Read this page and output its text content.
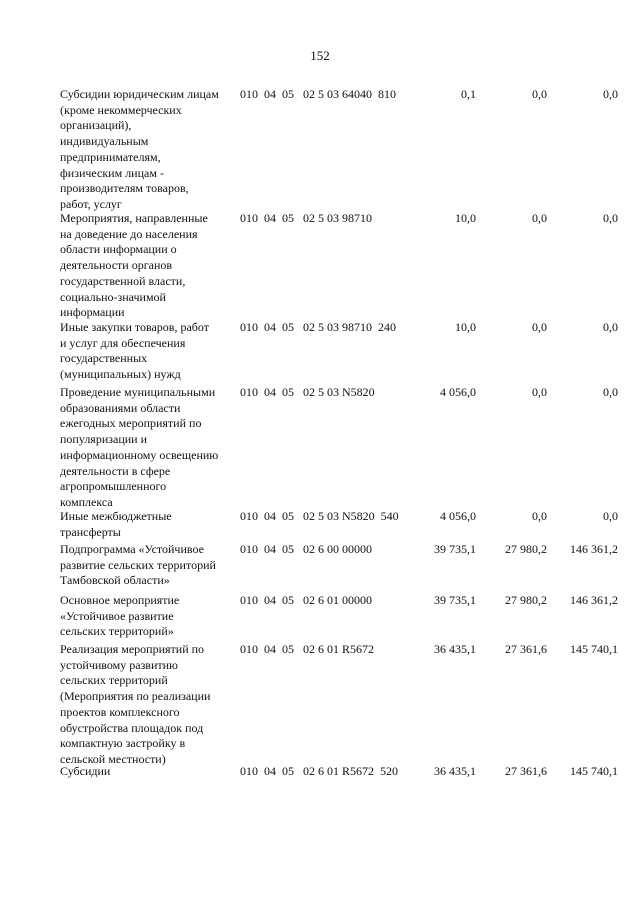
152
Субсидии юридическим лицам
(кроме некоммерческих
организаций),
индивидуальным
предпринимателям,
физическим лицам -
производителям товаров,
работ, услуг
010  04  05   02 5 03 64040  810	0,1	0,0	0,0
Мероприятия, направленные
на доведение до населения
области информации о
деятельности органов
государственной власти,
социально-значимой
информации
010  04  05   02 5 03 98710	10,0	0,0	0,0
Иные закупки товаров, работ
и услуг для обеспечения
государственных
(муниципальных) нужд
010  04  05   02 5 03 98710  240	10,0	0,0	0,0
Проведение муниципальными
образованиями области
ежегодных мероприятий по
популяризации и
информационному освещению
деятельности в сфере
агропромышленного
комплекса
010  04  05   02 5 03 N5820	4 056,0	0,0	0,0
Иные межбюджетные
трансферты
010  04  05   02 5 03 N5820  540	4 056,0	0,0	0,0
Подпрограмма «Устойчивое
развитие сельских территорий
Тамбовской области»
010  04  05   02 6 00 00000	39 735,1	27 980,2	146 361,2
Основное мероприятие
«Устойчивое развитие
сельских территорий»
010  04  05   02 6 01 00000	39 735,1	27 980,2	146 361,2
Реализация мероприятий по
устойчивому развитию
сельских территорий
(Мероприятия по реализации
проектов комплексного
обустройства площадок под
компактную застройку в
сельской местности)
010  04  05   02 6 01 R5672	36 435,1	27 361,6	145 740,1
Субсидии	010  04  05   02 6 01 R5672  520	36 435,1	27 361,6	145 740,1
